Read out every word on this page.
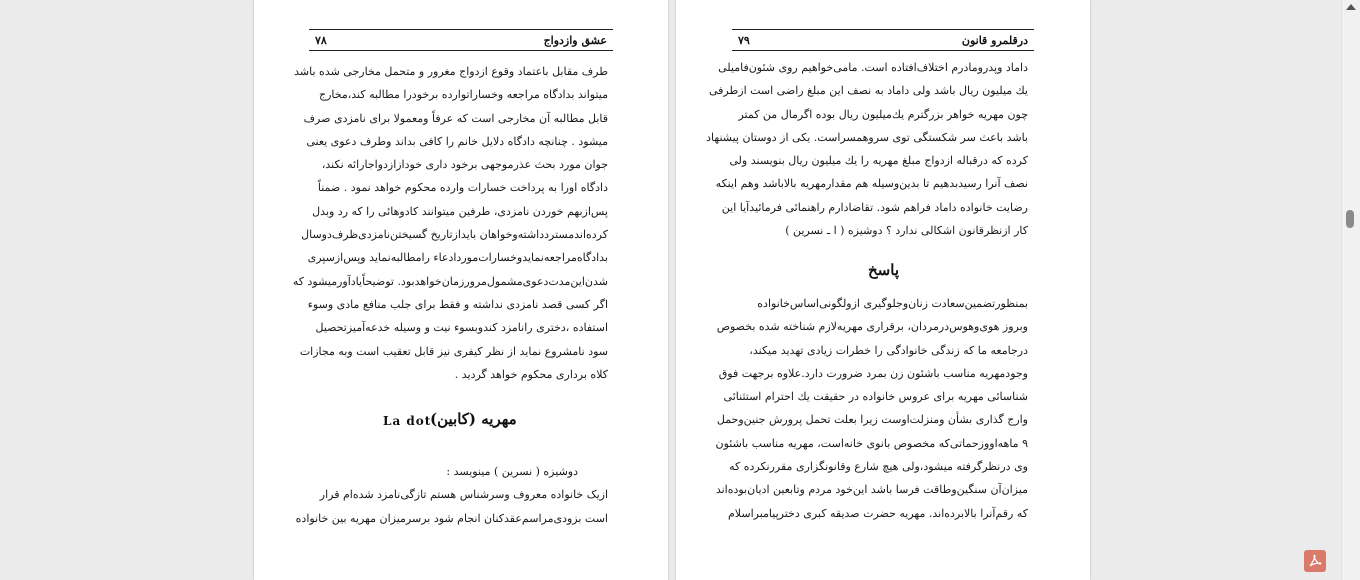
۷۸	عشق وازدواج
طرف مقابل باعتماد وقوع ازدواج مغرور و متحمل مخارجی شده باشد
میتواند بدادگاه مراجعه وخساراتوارده برخودرا مطالبه کند،مخارج
قابل مطالبه آن مخارجی است که عرفاً ومعمولا برای نامزدی صرف
میشود . چنانچه دادگاه دلایل خانم را کافی بداند وطرف دعوی یعنی
جوان مورد بحث عذرموجهی برخود داری خودازازدواجارائه نکند،
دادگاه اورا به پرداخت خسارات وارده محکوم خواهد نمود . ضمناً
پس‌ازبهم خوردن نامزدی، طرفین میتوانند کادوهائی را که رد وبدل
کرده‌اندمستردداشته‌وخواهان بایدازتاریخ گسیختن‌نامزدی‌ظرف‌دوسال
بدادگاه‌مراجعه‌نمایدوخسارات‌موردادعاء رامطالبه‌نماید وپس‌ازسپری
شدن‌این‌مدت‌دعوی‌مشمول‌مرورزمان‌خواهدبود. توضیحاًیادآورمیشود که
اگر کسی قصد نامزدی نداشته و فقط برای جلب منافع مادی وسوء
استفاده ،دختری رانامزد کندوبسوء نیت و وسیله خدعه‌آمیزتحصیل
سود نامشروع نماید از نظر کیفری نیز قابل تعقیب است وبه مجازات
کلاه برداری محکوم خواهد گردید .
مهریه (کابین)
La dot
دوشیزه ( نسرین ) مینویسد :
ازیک خانواده معروف وسرشناس هستم تازگی‌نامزد شده‌ام قرار
است بزودی‌مراسم‌عقدکنان انجام شود برسرمیزان مهریه بین خانواده
۷۹	درقلمرو قانون
داماد وپدروما‌درم اختلاف‌افتاده است. مامی‌خواهیم روی شئون‌فامیلی
یك میلیون ریال باشد ولی داماد به نصف این مبلغ راضی است ازطرفی
چون مهریه خواهر بزرگترم یك‌میلیون ریال بوده اگرمال من کمتر
باشد باعث سر شکستگی توی سروهمسراست. یکی از دوستان پیشنهاد
کرده که درقباله ازدواج مبلغ مهریه را یك میلیون ریال بنویسند ولی
نصف آنرا رسیدبدهیم تا بدین‌وسیله هم مقدارمهریه بالاباشد وهم اینکه
رضایت خانواده داماد فراهم شود. تقاضادارم راهنمائی فرمائیدآیا این
کار ازنظرقانون اشکالی ندارد ؟ دوشیزه ( ا ـ نسرین )
پاسخ
بمنظورتضمین‌سعادت زنان‌وجلوگیری ازولگونی‌اساس‌خانواده
وبروز هوی‌وهوس‌درمردان، برقراری مهریه‌لازم شناخته شده بخصوص
درجامعه ما که زندگی خانوادگی را خطرات زیادی تهدید میکند،
وجودمهریه مناسب باشئون زن بمرد ضرورت دارد.علاوه برجهت فوق
شناسائی مهریه برای عروس خانواده در حقیقت یك احترام استثنائی
وارج گذاری بشأن ومنزلت‌اوست زیرا بعلت تحمل پرورش جنین‌وحمل
۹ ماهه‌اووزحماتی‌که مخصوص بانوی خانه‌است، مهریه مناسب باشئون
وی درنظرگرفته میشود،ولی هیچ شارع وقانونگزاری مقررنکرده که
میزان‌آن سنگین‌وطاقت فرسا باشد این‌خود مردم وتابعین ادیان‌بوده‌اند
که رقم‌آنرا بالابرده‌اند. مهریه حضرت صدیقه کبری دخترپیامبراسلام
